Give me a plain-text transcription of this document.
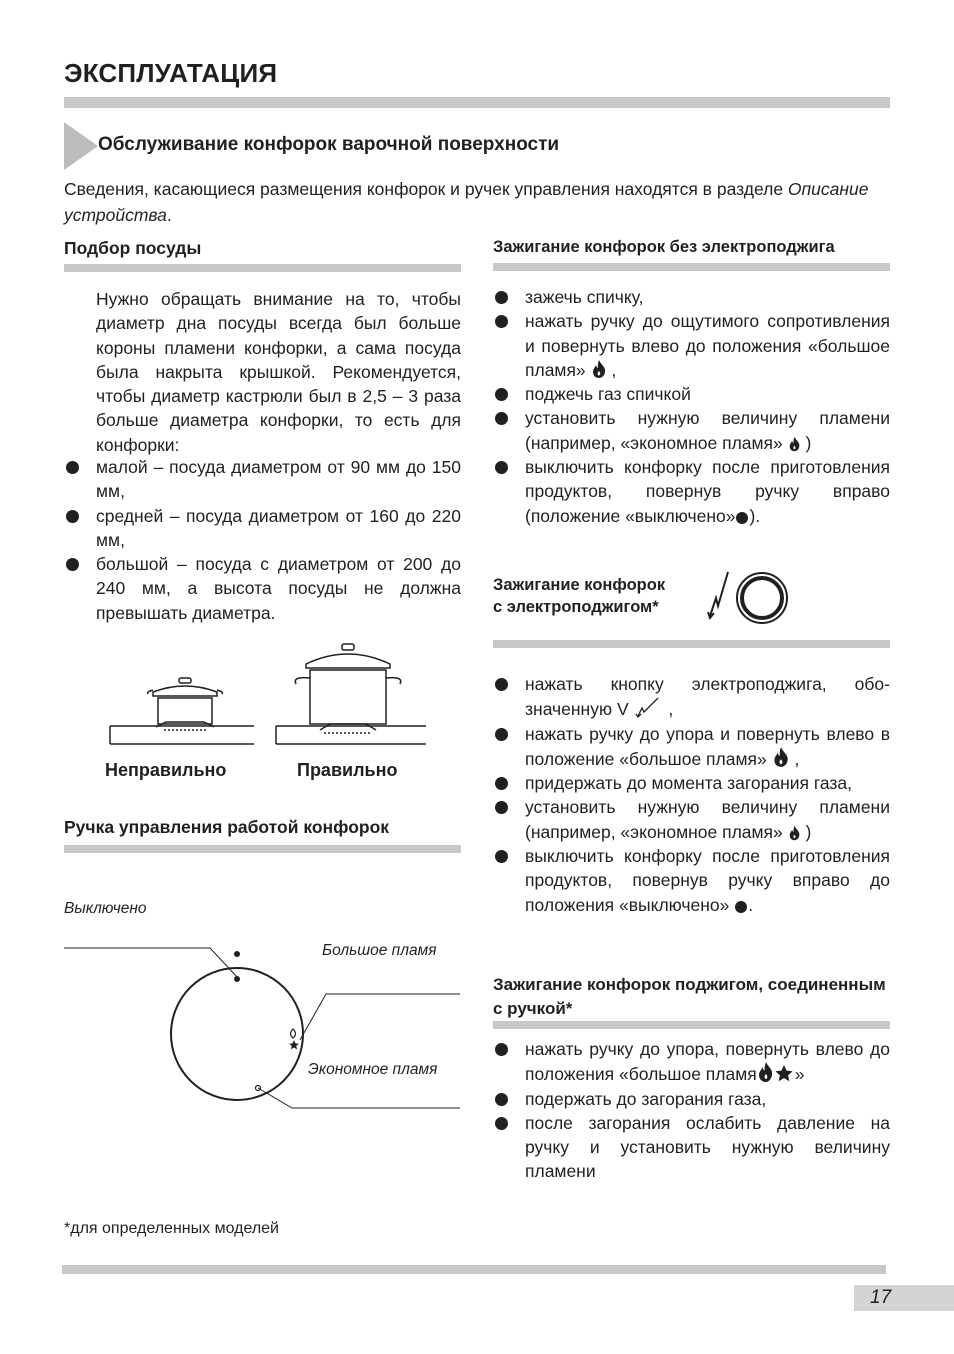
ЭКСПЛУАТАЦИЯ
Обслуживание конфорок варочной поверхности
Сведения, касающиеся размещения конфорок и ручек управления находятся в разделе Описание устройства.
Подбор посуды
Нужно обращать внимание на то, чтобы диаметр дна посуды всегда был больше короны пламени конфорки, а сама посуда была накрыта крышкой. Рекомендуется, чтобы диаметр кастрюли был в 2,5 – 3 раза больше диаметра конфорки, то есть для конфорки:
малой – посуда диаметром от 90 мм до 150 мм,
средней – посуда диаметром от 160 до 220 мм,
большой – посуда с диаметром от 200 до 240 мм, а высота посуды не должна превышать диаметра.
Неправильно	Правильно
Ручка управления работой конфорок
Выключено
Большое пламя
Экономное пламя
Зажигание конфорок без электроподжига
зажечь спичку,
нажать ручку до ощутимого сопротивления и повернуть влево до положения «большое пламя»  ,
поджечь газ спичкой
установить нужную величину пламени (например, «экономное пламя»  )
выключить конфорку после приготовления продуктов, повернув ручку вправо (положение «выключено» ).
Зажигание конфорок
с электроподжигом*
нажать кнопку электроподжига, обозначенную V  ,
нажать ручку до упора и повернуть влево в положение «большое пламя»  ,
придержать до момента загорания газа,
установить нужную величину пламени (например, «экономное пламя»  )
выключить конфорку после приготовления продуктов, повернув ручку вправо до положения «выключено» .
Зажигание конфорок поджигом, соединенным с ручкой*
нажать ручку до упора, повернуть влево до положения «большое пламя »
подержать до загорания газа,
после загорания ослабить давление на ручку и установить нужную величину пламени
*для определенных моделей
17
